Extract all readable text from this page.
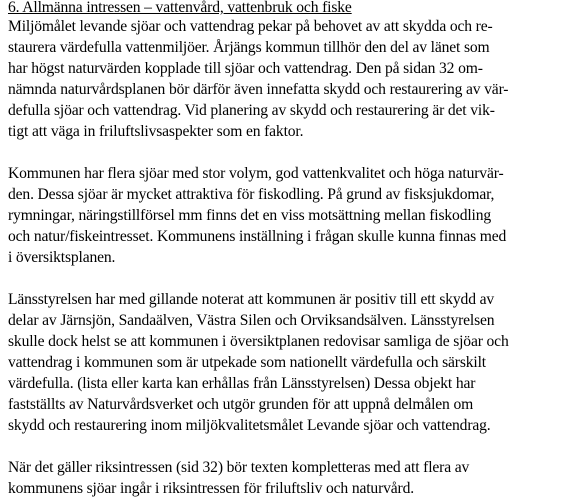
6. Allmänna intressen – vattenvård, vattenbruk och fiske
Miljömålet levande sjöar och vattendrag pekar på behovet av att skydda och re-
staurera värdefulla vattenmiljöer. Årjängs kommun tillhör den del av länet som
har högst naturvärden kopplade till sjöar och vattendrag. Den på sidan 32 om-
nämnda naturvårdsplanen bör därför även innefatta skydd och restaurering av vär-
defulla sjöar och vattendrag. Vid planering av skydd och restaurering är det vik-
tigt att väga in friluftslivsaspekter som en faktor.
Kommunen har flera sjöar med stor volym, god vattenkvalitet och höga naturvär-
den. Dessa sjöar är mycket attraktiva för fiskodling. På grund av fisksjukdomar,
rymningar, näringstillförsel mm finns det en viss motsättning mellan fiskodling
och natur/fiskeintresset. Kommunens inställning i frågan skulle kunna finnas med
i översiktsplanen.
Länsstyrelsen har med gillande noterat att kommunen är positiv till ett skydd av
delar av Järnsjön, Sandaälven, Västra Silen och Orviksandsälven. Länsstyrelsen
skulle dock helst se att kommunen i översiktplanen redovisar samliga de sjöar och
vattendrag i kommunen som är utpekade som nationellt värdefulla och särskilt
värdefulla. (lista eller karta kan erhållas från Länsstyrelsen) Dessa objekt har
fastställts av Naturvårdsverket och utgör grunden för att uppnå delmålen om
skydd och restaurering inom miljökvalitetsmålet Levande sjöar och vattendrag.
När det gäller riksintressen (sid 32) bör texten kompletteras med att flera av
kommunens sjöar ingår i riksintressen för friluftsliv och naturvård.
